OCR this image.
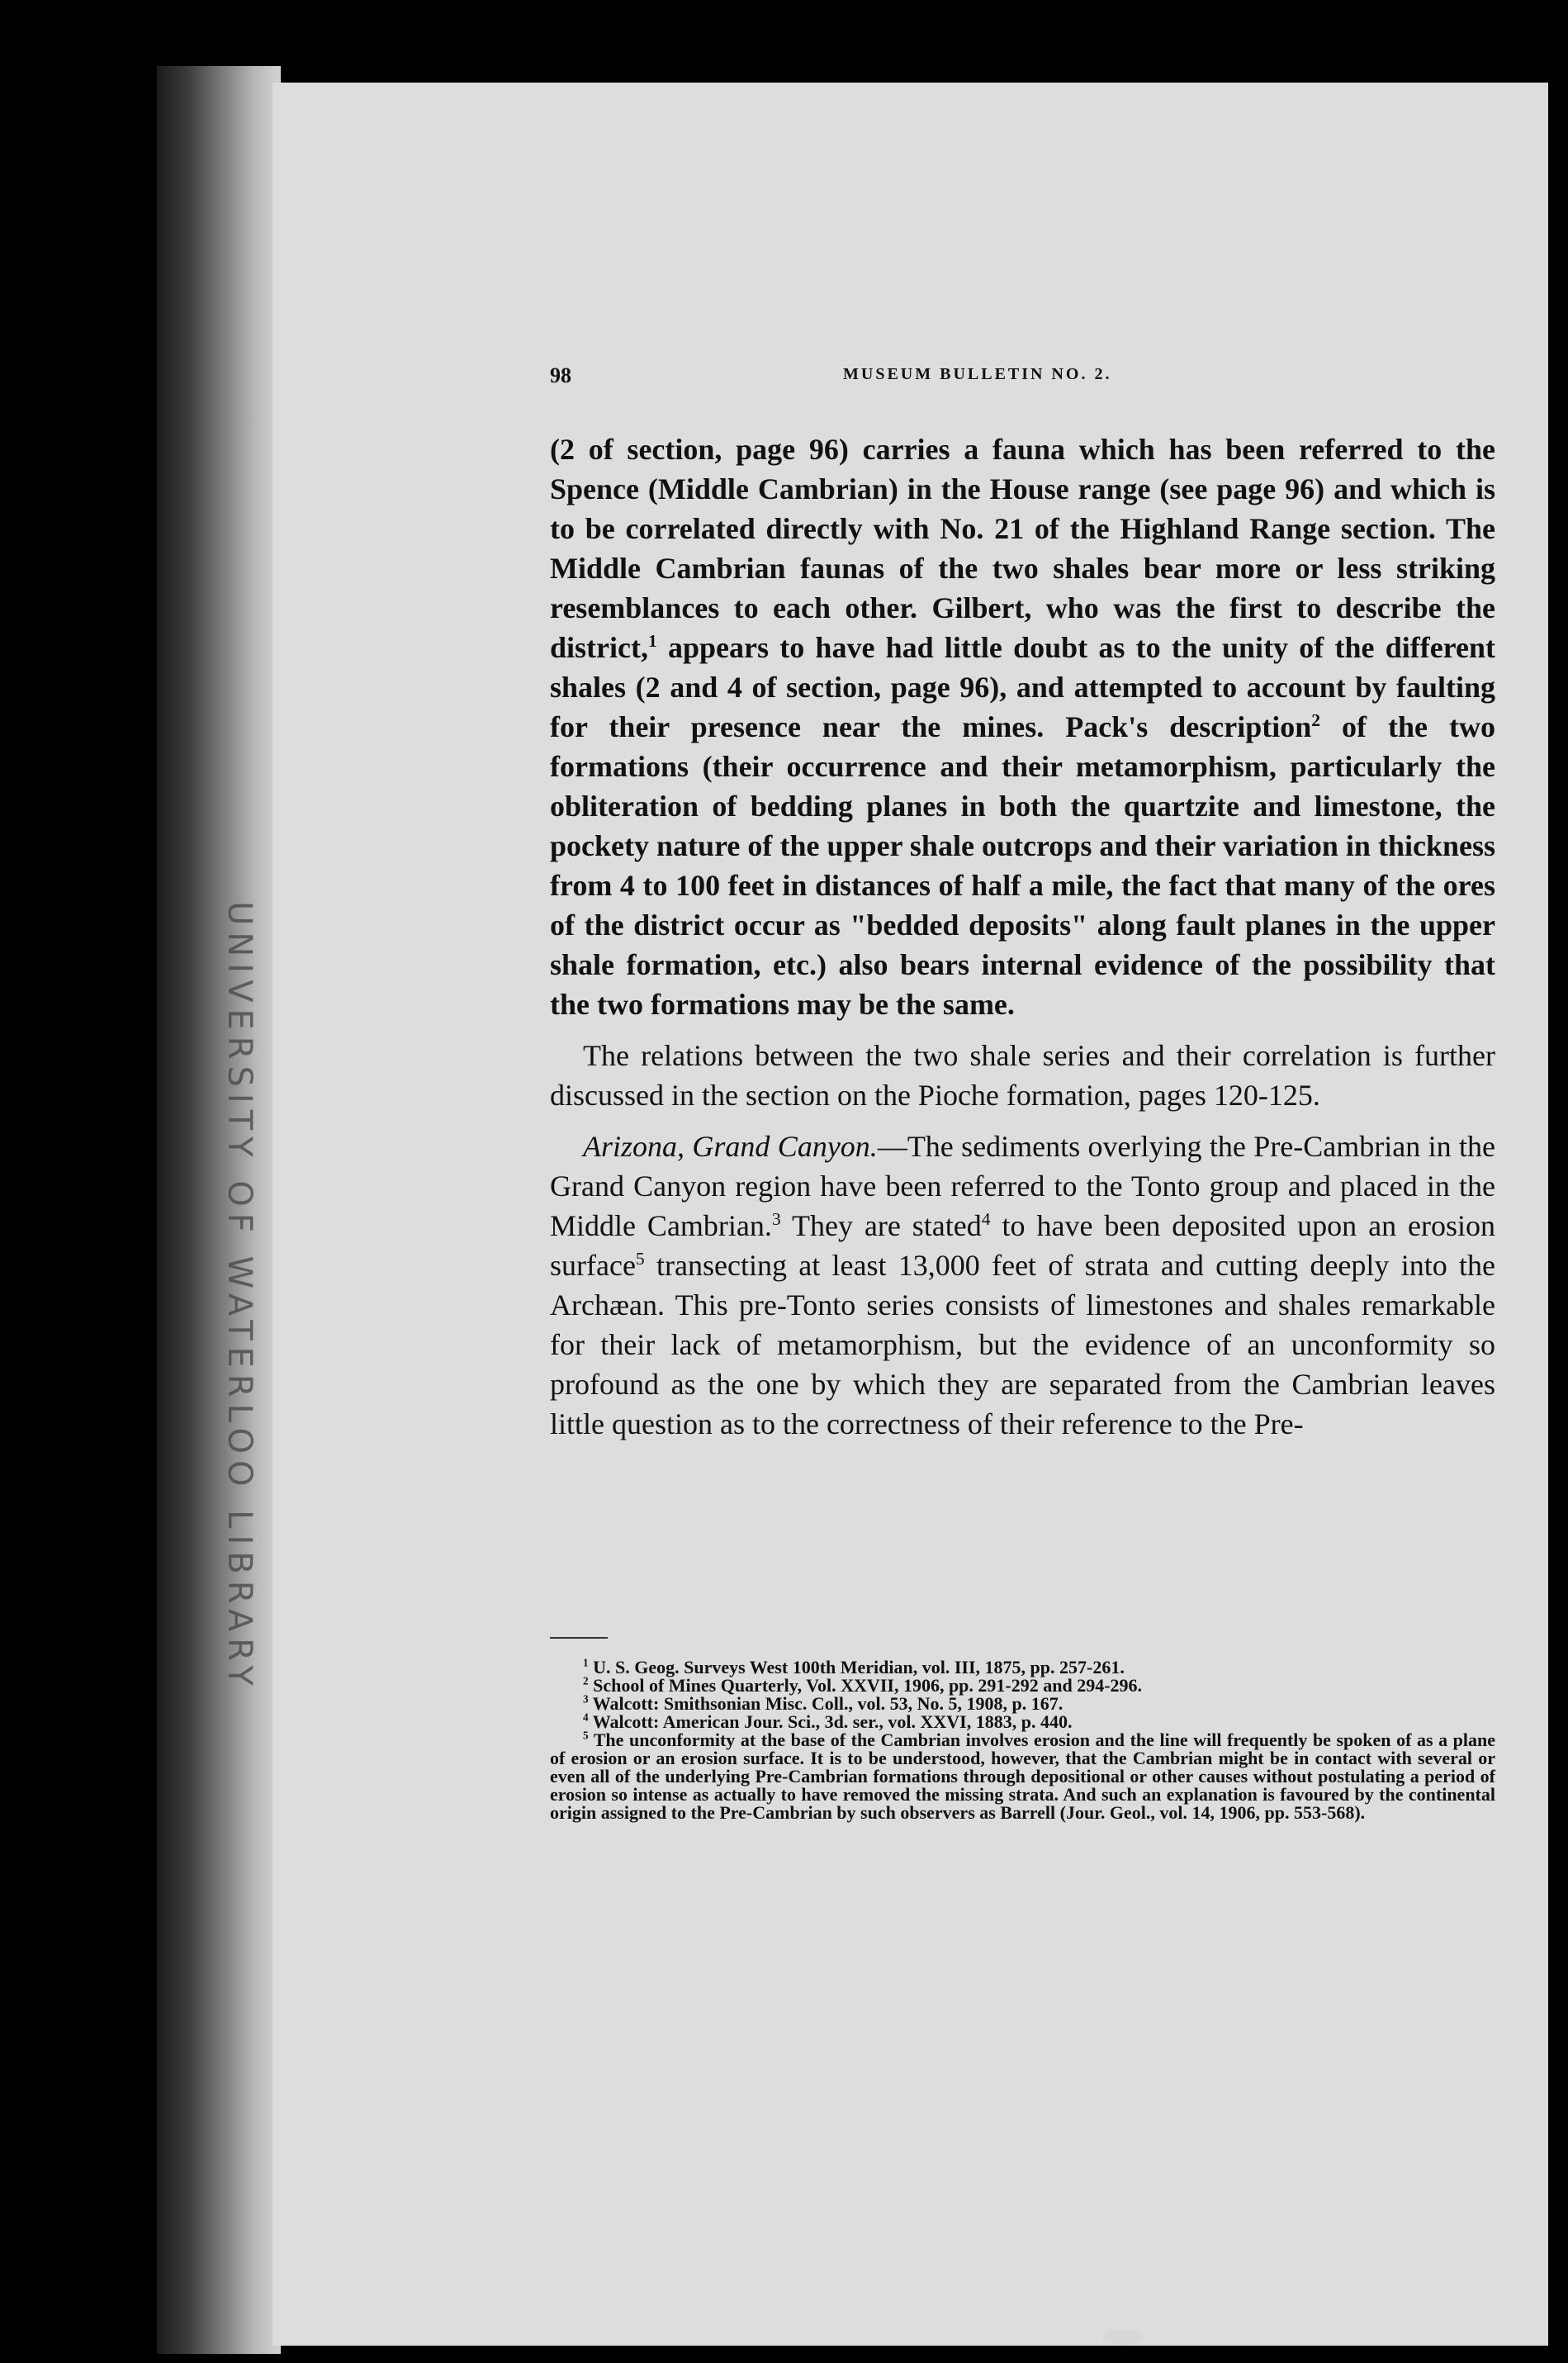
UNIVERSITY OF WATERLOO LIBRARY
98	MUSEUM BULLETIN NO. 2.

(2 of section, page 96) carries a fauna which has been referred to the Spence (Middle Cambrian) in the House range (see page 96) and which is to be correlated directly with No. 21 of the Highland Range section. The Middle Cambrian faunas of the two shales bear more or less striking resemblances to each other. Gilbert, who was the first to describe the district,$^1$ appears to have had little doubt as to the unity of the different shales (2 and 4 of section, page 96), and attempted to account by faulting for their presence near the mines. Pack's description$^2$ of the two formations (their occurrence and their metamorphism, particularly the obliteration of bedding planes in both the quartzite and limestone, the pockety nature of the upper shale outcrops and their variation in thickness from 4 to 100 feet in distances of half a mile, the fact that many of the ores of the district occur as "bedded deposits" along fault planes in the upper shale formation, etc.) also bears internal evidence of the possibility that the two formations may be the same.

The relations between the two shale series and their correlation is further discussed in the section on the Pioche formation, pages 120-125.

Arizona, Grand Canyon.—The sediments overlying the Pre-Cambrian in the Grand Canyon region have been referred to the Tonto group and placed in the Middle Cambrian.$^3$ They are stated$^4$ to have been deposited upon an erosion surface$^5$ transecting at least 13,000 feet of strata and cutting deeply into the Archæan. This pre-Tonto series consists of limestones and shales remarkable for their lack of metamorphism, but the evidence of an unconformity so profound as the one by which they are separated from the Cambrian leaves little question as to the correctness of their reference to the Pre-

$^1$ U. S. Geog. Surveys West 100th Meridian, vol. III, 1875, pp. 257-261.

$^2$ School of Mines Quarterly, Vol. XXVII, 1906, pp. 291-292 and 294-296.

$^3$ Walcott: Smithsonian Misc. Coll., vol. 53, No. 5, 1908, p. 167.

$^4$ Walcott: American Jour. Sci., 3d. ser., vol. XXVI, 1883, p. 440.

$^5$ The unconformity at the base of the Cambrian involves erosion and the line will frequently be spoken of as a plane of erosion or an erosion surface. It is to be understood, however, that the Cambrian might be in contact with several or even all of the underlying Pre-Cambrian formations through depositional or other causes without postulating a period of erosion so intense as actually to have removed the missing strata. And such an explanation is favoured by the continental origin assigned to the Pre-Cambrian by such observers as Barrell (Jour. Geol., vol. 14, 1906, pp. 553-568).
